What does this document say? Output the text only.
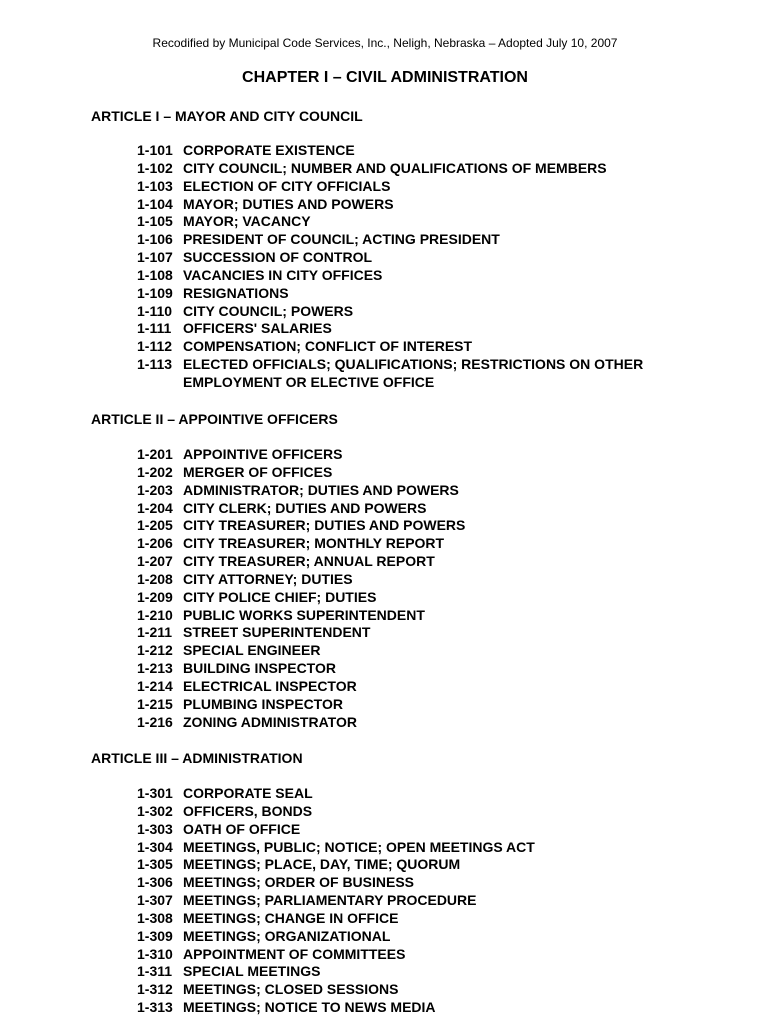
Recodified by Municipal Code Services, Inc., Neligh, Nebraska – Adopted July 10, 2007
CHAPTER I – CIVIL ADMINISTRATION
ARTICLE I – MAYOR AND CITY COUNCIL
1-101 CORPORATE EXISTENCE
1-102 CITY COUNCIL; NUMBER AND QUALIFICATIONS OF MEMBERS
1-103 ELECTION OF CITY OFFICIALS
1-104 MAYOR; DUTIES AND POWERS
1-105 MAYOR; VACANCY
1-106 PRESIDENT OF COUNCIL; ACTING PRESIDENT
1-107 SUCCESSION OF CONTROL
1-108 VACANCIES IN CITY OFFICES
1-109 RESIGNATIONS
1-110 CITY COUNCIL; POWERS
1-111 OFFICERS' SALARIES
1-112 COMPENSATION; CONFLICT OF INTEREST
1-113 ELECTED OFFICIALS; QUALIFICATIONS; RESTRICTIONS ON OTHER EMPLOYMENT OR ELECTIVE OFFICE
ARTICLE II – APPOINTIVE OFFICERS
1-201 APPOINTIVE OFFICERS
1-202 MERGER OF OFFICES
1-203 ADMINISTRATOR; DUTIES AND POWERS
1-204 CITY CLERK; DUTIES AND POWERS
1-205 CITY TREASURER; DUTIES AND POWERS
1-206 CITY TREASURER; MONTHLY REPORT
1-207 CITY TREASURER; ANNUAL REPORT
1-208 CITY ATTORNEY; DUTIES
1-209 CITY POLICE CHIEF; DUTIES
1-210 PUBLIC WORKS SUPERINTENDENT
1-211 STREET SUPERINTENDENT
1-212 SPECIAL ENGINEER
1-213 BUILDING INSPECTOR
1-214 ELECTRICAL INSPECTOR
1-215 PLUMBING INSPECTOR
1-216 ZONING ADMINISTRATOR
ARTICLE III – ADMINISTRATION
1-301 CORPORATE SEAL
1-302 OFFICERS, BONDS
1-303 OATH OF OFFICE
1-304 MEETINGS, PUBLIC; NOTICE; OPEN MEETINGS ACT
1-305 MEETINGS; PLACE, DAY, TIME; QUORUM
1-306 MEETINGS; ORDER OF BUSINESS
1-307 MEETINGS; PARLIAMENTARY PROCEDURE
1-308 MEETINGS; CHANGE IN OFFICE
1-309 MEETINGS; ORGANIZATIONAL
1-310 APPOINTMENT OF COMMITTEES
1-311 SPECIAL MEETINGS
1-312 MEETINGS; CLOSED SESSIONS
1-313 MEETINGS; NOTICE TO NEWS MEDIA
